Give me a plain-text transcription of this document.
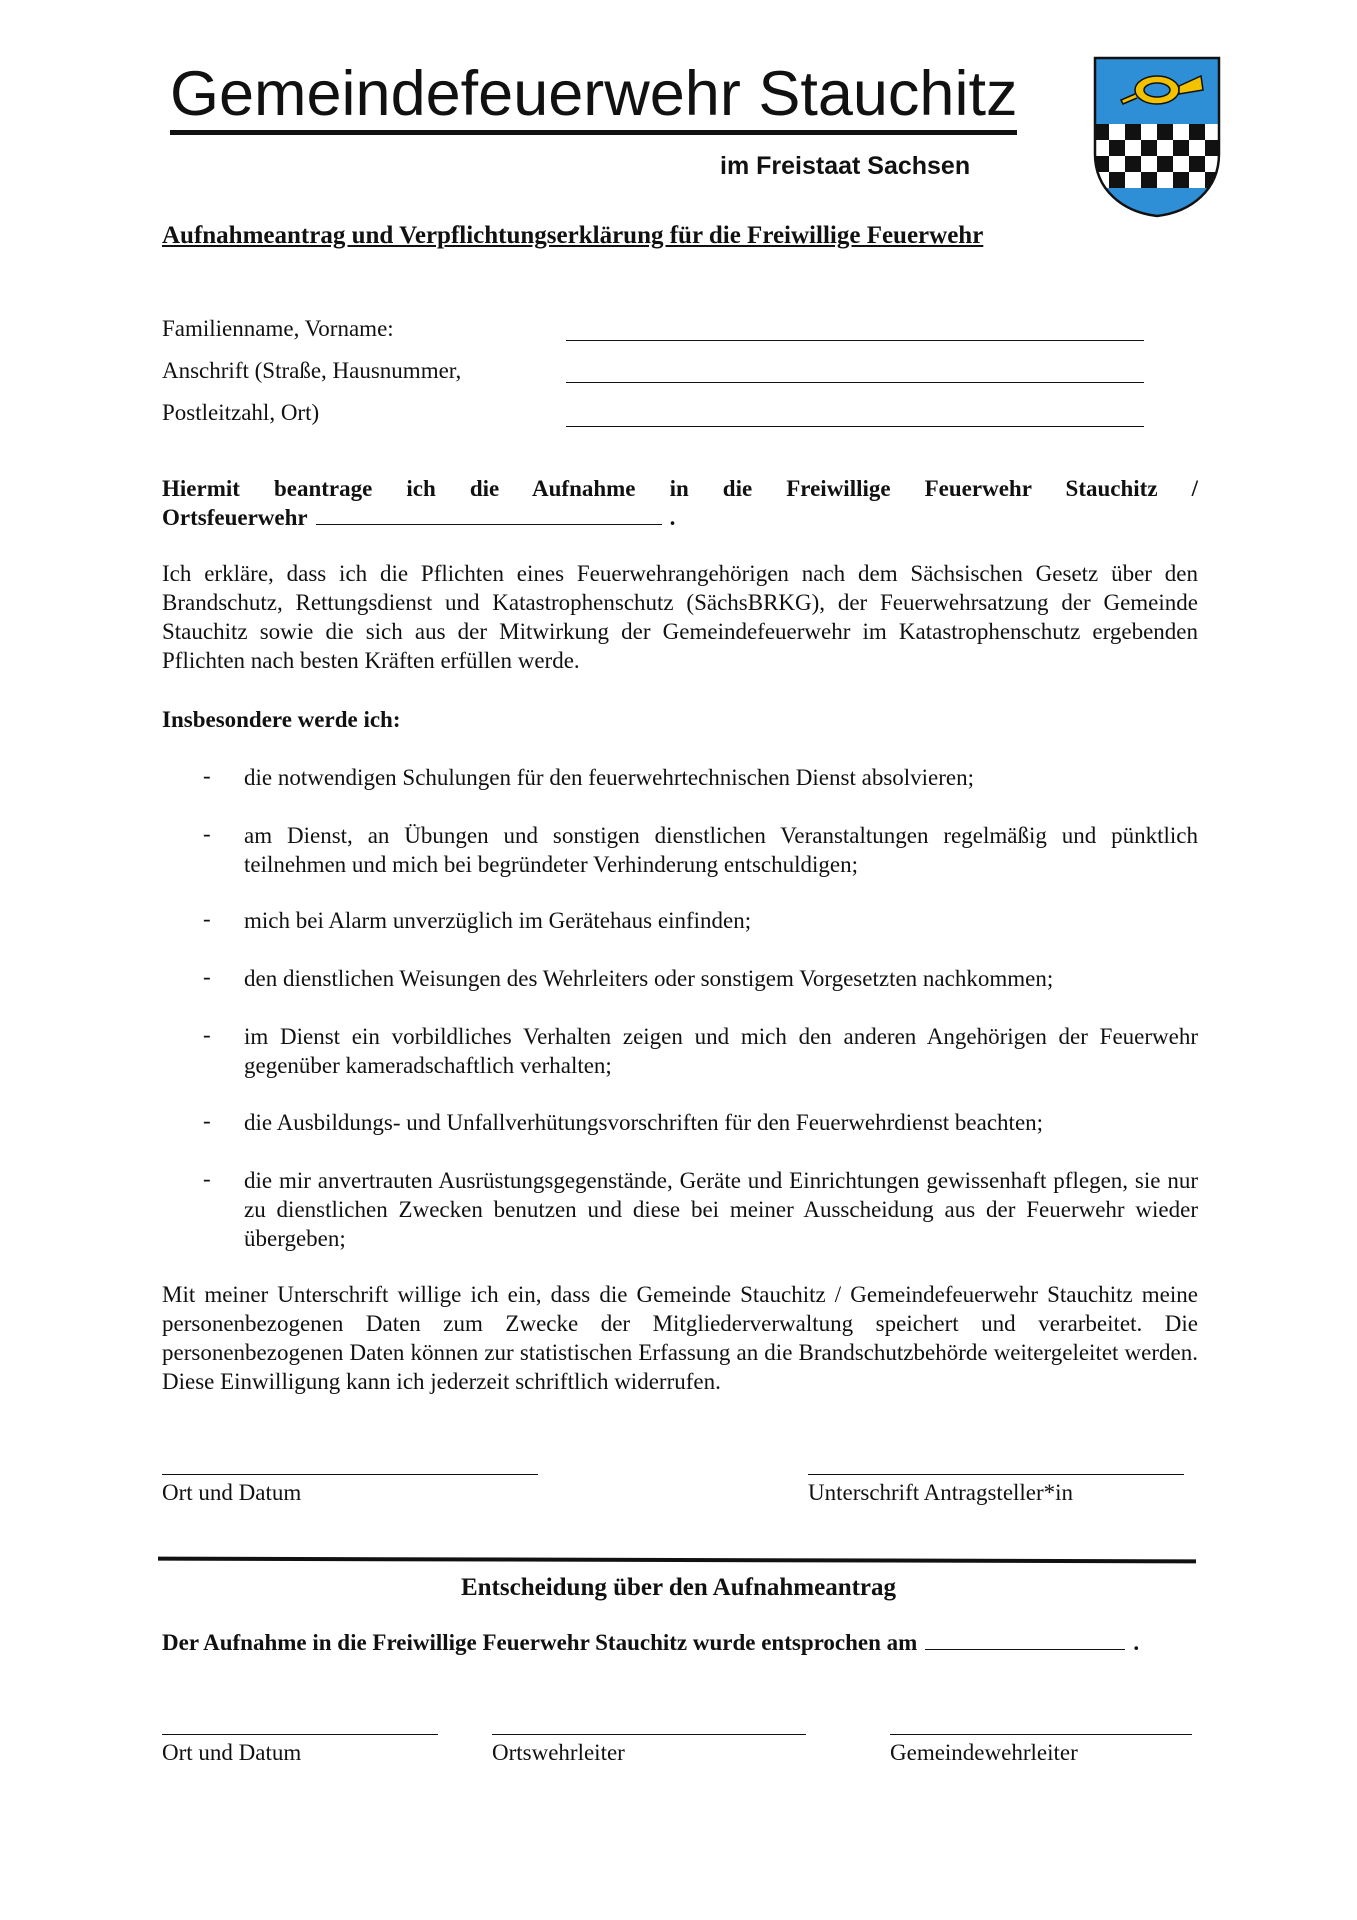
Gemeindefeuerwehr Stauchitz
im Freistaat Sachsen
Aufnahmeantrag und Verpflichtungserklärung für die Freiwillige Feuerwehr
Familienname, Vorname:
Anschrift (Straße, Hausnummer,
Postleitzahl, Ort)
Hiermit beantrage ich die Aufnahme in die Freiwillige Feuerwehr Stauchitz /
Ortsfeuerwehr	.
Ich erkläre, dass ich die Pflichten eines Feuerwehrangehörigen nach dem Sächsischen Gesetz über den Brandschutz, Rettungsdienst und Katastrophenschutz (SächsBRKG), der Feuerwehrsatzung der Gemeinde Stauchitz sowie die sich aus der Mitwirkung der Gemeindefeuerwehr im Katastrophenschutz ergebenden Pflichten nach besten Kräften erfüllen werde.
Insbesondere werde ich:
- die notwendigen Schulungen für den feuerwehrtechnischen Dienst absolvieren;
- am Dienst, an Übungen und sonstigen dienstlichen Veranstaltungen regelmäßig und pünktlich teilnehmen und mich bei begründeter Verhinderung entschuldigen;
- mich bei Alarm unverzüglich im Gerätehaus einfinden;
- den dienstlichen Weisungen des Wehrleiters oder sonstigem Vorgesetzten nachkommen;
- im Dienst ein vorbildliches Verhalten zeigen und mich den anderen Angehörigen der Feuerwehr gegenüber kameradschaftlich verhalten;
- die Ausbildungs- und Unfallverhütungsvorschriften für den Feuerwehrdienst beachten;
- die mir anvertrauten Ausrüstungsgegenstände, Geräte und Einrichtungen gewissenhaft pflegen, sie nur zu dienstlichen Zwecken benutzen und diese bei meiner Ausscheidung aus der Feuerwehr wieder übergeben;
Mit meiner Unterschrift willige ich ein, dass die Gemeinde Stauchitz / Gemeindefeuerwehr Stauchitz meine personenbezogenen Daten zum Zwecke der Mitgliederverwaltung speichert und verarbeitet. Die personenbezogenen Daten können zur statistischen Erfassung an die Brandschutzbehörde weitergeleitet werden. Diese Einwilligung kann ich jederzeit schriftlich widerrufen.
Ort und Datum	Unterschrift Antragsteller*in
Entscheidung über den Aufnahmeantrag
Der Aufnahme in die Freiwillige Feuerwehr Stauchitz wurde entsprochen am	.
Ort und Datum	Ortswehrleiter	Gemeindewehrleiter
